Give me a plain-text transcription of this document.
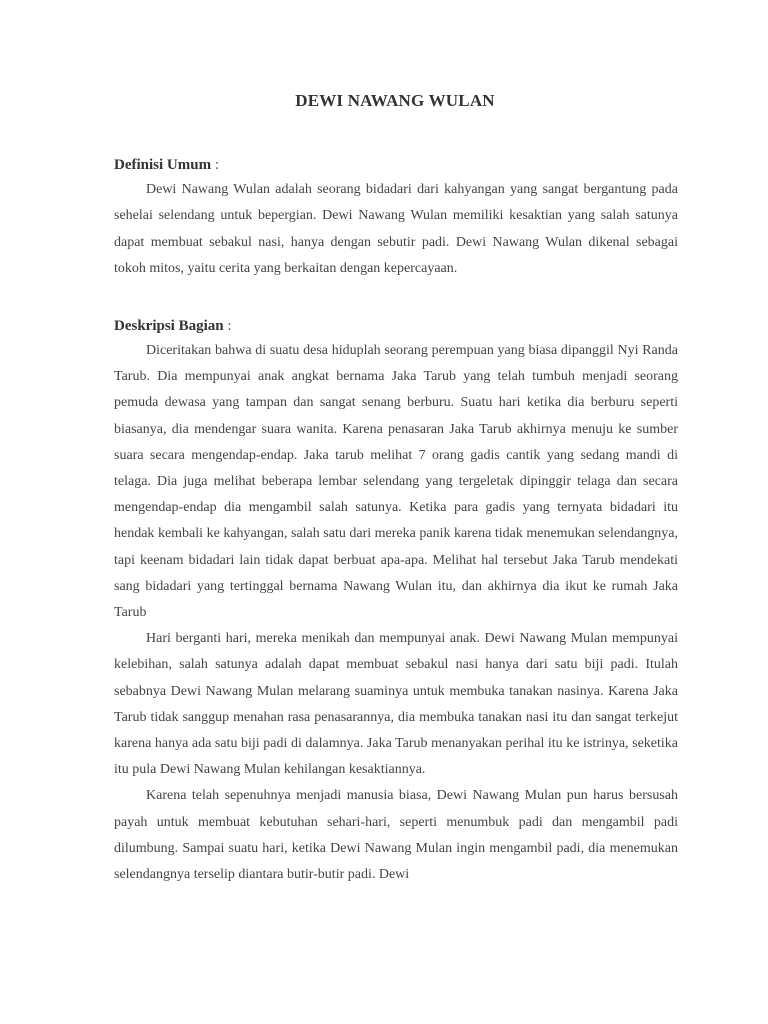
DEWI NAWANG WULAN

Definisi Umum :

Dewi Nawang Wulan adalah seorang bidadari dari kahyangan yang sangat bergantung pada sehelai selendang untuk bepergian. Dewi Nawang Wulan memiliki kesaktian yang salah satunya dapat membuat sebakul nasi, hanya dengan sebutir padi. Dewi Nawang Wulan dikenal sebagai tokoh mitos, yaitu cerita yang berkaitan dengan kepercayaan.

Deskripsi Bagian :

Diceritakan bahwa di suatu desa hiduplah seorang perempuan yang biasa dipanggil Nyi Randa Tarub. Dia mempunyai anak angkat bernama Jaka Tarub yang telah tumbuh menjadi seorang pemuda dewasa yang tampan dan sangat senang berburu. Suatu hari ketika dia berburu seperti biasanya, dia mendengar suara wanita. Karena penasaran Jaka Tarub akhirnya menuju ke sumber suara secara mengendap-endap. Jaka tarub melihat 7 orang gadis cantik yang sedang mandi di telaga. Dia juga melihat beberapa lembar selendang yang tergeletak dipinggir telaga dan secara mengendap-endap dia mengambil salah satunya. Ketika para gadis yang ternyata bidadari itu hendak kembali ke kahyangan, salah satu dari mereka panik karena tidak menemukan selendangnya, tapi keenam bidadari lain tidak dapat berbuat apa-apa. Melihat hal tersebut Jaka Tarub mendekati sang bidadari yang tertinggal bernama Nawang Wulan itu, dan akhirnya dia ikut ke rumah Jaka Tarub

Hari berganti hari, mereka menikah dan mempunyai anak. Dewi Nawang Mulan mempunyai kelebihan, salah satunya adalah dapat membuat sebakul nasi hanya dari satu biji padi. Itulah sebabnya Dewi Nawang Mulan melarang suaminya untuk membuka tanakan nasinya. Karena Jaka Tarub tidak sanggup menahan rasa penasarannya, dia membuka tanakan nasi itu dan sangat terkejut karena hanya ada satu biji padi di dalamnya. Jaka Tarub menanyakan perihal itu ke istrinya, seketika itu pula Dewi Nawang Mulan kehilangan kesaktiannya.

Karena telah sepenuhnya menjadi manusia biasa, Dewi Nawang Mulan pun harus bersusah payah untuk membuat kebutuhan sehari-hari, seperti menumbuk padi dan mengambil padi dilumbung. Sampai suatu hari, ketika Dewi Nawang Mulan ingin mengambil padi, dia menemukan selendangnya terselip diantara butir-butir padi. Dewi
